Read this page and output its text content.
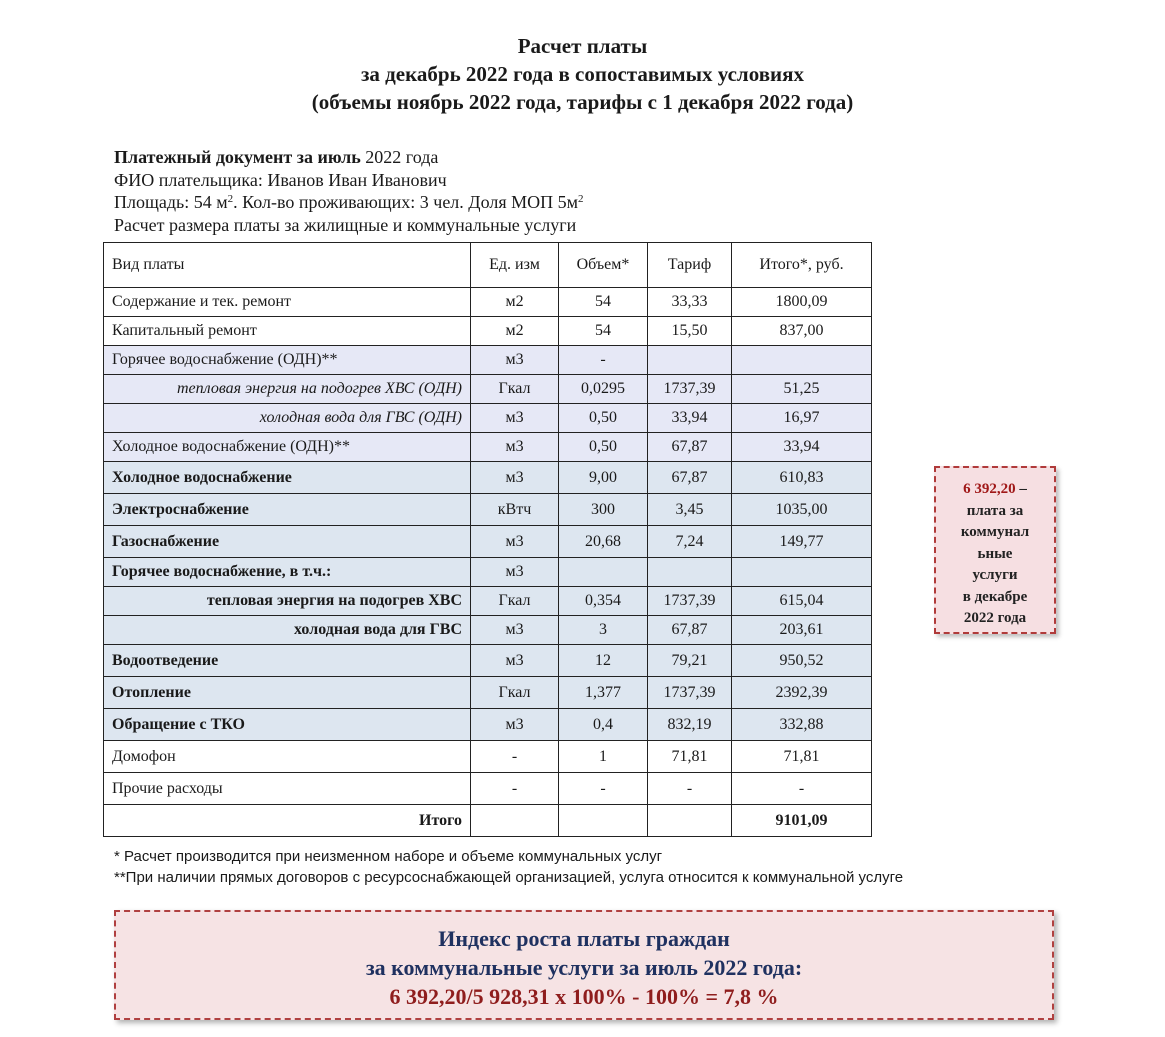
Расчет платы
за декабрь 2022 года в сопоставимых условиях
(объемы ноябрь 2022 года, тарифы с 1 декабря 2022 года)
Платежный документ за июль 2022 года
ФИО плательщика: Иванов Иван Иванович
Площадь: 54 $м^2$. Кол-во проживающих: 3 чел. Доля МОП $5м^2$
Расчет размера платы за жилищные и коммунальные услуги
Вид платы	Ед. изм	Объем*	Тариф	Итого*, руб.
Содержание и тек. ремонт	м2	54	33,33	1800,09
Капитальный ремонт	м2	54	15,50	837,00
Горячее водоснабжение (ОДН)**	м3	-		
тепловая энергия на подогрев ХВС (ОДН)	Гкал	0,0295	1737,39	51,25
холодная вода для ГВС (ОДН)	м3	0,50	33,94	16,97
Холодное водоснабжение (ОДН)**	м3	0,50	67,87	33,94
Холодное водоснабжение	м3	9,00	67,87	610,83
Электроснабжение	кВтч	300	3,45	1035,00
Газоснабжение	м3	20,68	7,24	149,77
Горячее водоснабжение, в т.ч.:	м3			
тепловая энергия на подогрев ХВС	Гкал	0,354	1737,39	615,04
холодная вода для ГВС	м3	3	67,87	203,61
Водоотведение	м3	12	79,21	950,52
Отопление	Гкал	1,377	1737,39	2392,39
Обращение с ТКО	м3	0,4	832,19	332,88
Домофон	-	1	71,81	71,81
Прочие расходы	-	-	-	-
Итого				9101,09
* Расчет производится при неизменном наборе и объеме коммунальных услуг
**При наличии прямых договоров с ресурсоснабжающей организацией, услуга относится к коммунальной услуге
6 392,20 –
плата за
коммунал
ьные
услуги
в декабре
2022 года
Индекс роста платы граждан
за коммунальные услуги за июль 2022 года:
6 392,20/5 928,31 х 100% - 100% = 7,8 %
